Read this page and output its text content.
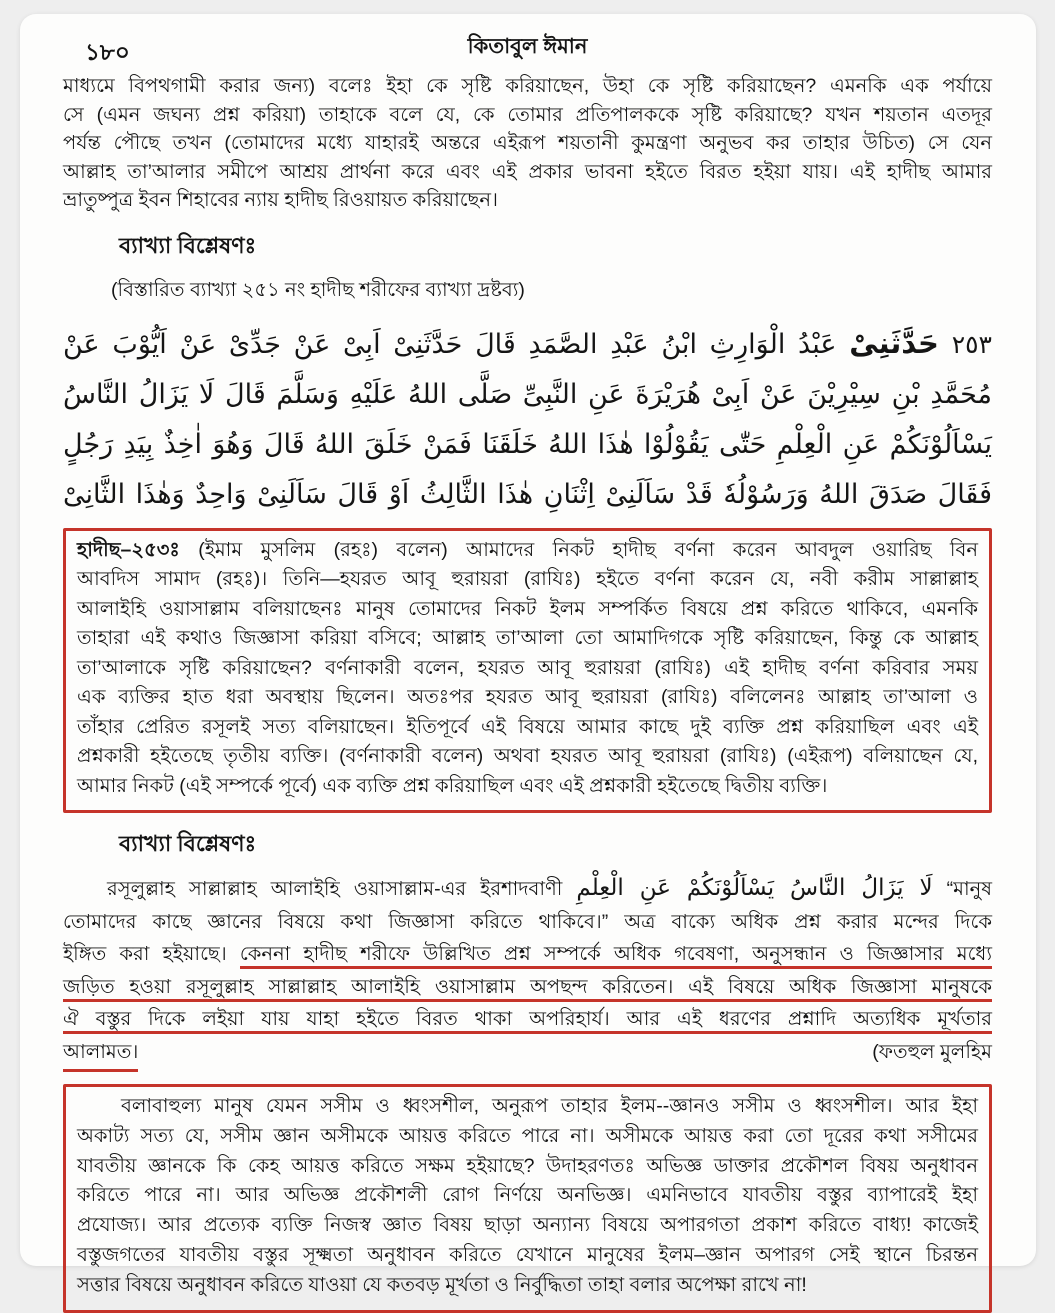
১৮০	কিতাবুল ঈমান
মাধ্যমে বিপথগামী করার জন্য) বলেঃ ইহা কে সৃষ্টি করিয়াছেন, উহা কে সৃষ্টি করিয়াছেন? এমনকি এক পর্যায়ে
সে (এমন জঘন্য প্রশ্ন করিয়া) তাহাকে বলে যে, কে তোমার প্রতিপালককে সৃষ্টি করিয়াছে? যখন শয়তান এতদূর
পর্যন্ত পৌছে তখন (তোমাদের মধ্যে যাহারই অন্তরে এইরূপ শয়তানী কুমন্ত্রণা অনুভব কর তাহার উচিত) সে যেন
আল্লাহ তা’আলার সমীপে আশ্রয় প্রার্থনা করে এবং এই প্রকার ভাবনা হইতে বিরত হইয়া যায়। এই হাদীছ আমার
ভ্রাতুষ্পুত্র ইবন শিহাবের ন্যায় হাদীছ রিওয়ায়ত করিয়াছেন।
ব্যাখ্যা বিশ্লেষণঃ
(বিস্তারিত ব্যাখ্যা ২৫১ নং হাদীছ শরীফের ব্যাখ্যা দ্রষ্টব্য)
٢٥٣ حَدَّثَنِىْ عَبْدُ الْوَارِثِ ابْنُ عَبْدِ الصَّمَدِ قَالَ حَدَّثَنِىْ اَبِىْ عَنْ جَدِّىْ عَنْ اَيُّوْبَ عَنْ
مُحَمَّدِ بْنِ سِيْرِيْنَ عَنْ اَبِىْ هُرَيْرَةَ عَنِ النَّبِىِّ صَلَّى اللهُ عَلَيْهِ وَسَلَّمَ قَالَ لَا يَزَالُ النَّاسُ
يَسْاَلُوْنَكُمْ عَنِ الْعِلْمِ حَتّٰى يَقُوْلُوْا هٰذَا اللهُ خَلَقَنَا فَمَنْ خَلَقَ اللهُ قَالَ وَهُوَ اٰخِذٌ بِيَدِ رَجُلٍ
فَقَالَ صَدَقَ اللهُ وَرَسُوْلُهٗ قَدْ سَاَلَنِىْ اِثْنَانِ هٰذَا الثَّالِثُ اَوْ قَالَ سَاَلَنِىْ وَاحِدٌ وَهٰذَا الثَّانِىْ
হাদীছ–২৫৩ঃ (ইমাম মুসলিম (রহঃ) বলেন) আমাদের নিকট হাদীছ বর্ণনা করেন আবদুল ওয়ারিছ বিন
আবদিস সামাদ (রহঃ)। তিনি—হযরত আবূ হুরায়রা (রাযিঃ) হইতে বর্ণনা করেন যে, নবী করীম সাল্লাল্লাহ
আলাইহি ওয়াসাল্লাম বলিয়াছেনঃ মানুষ তোমাদের নিকট ইলম সম্পর্কিত বিষয়ে প্রশ্ন করিতে থাকিবে, এমনকি
তাহারা এই কথাও জিজ্ঞাসা করিয়া বসিবে; আল্লাহ তা’আলা তো আমাদিগকে সৃষ্টি করিয়াছেন, কিন্তু কে আল্লাহ
তা’আলাকে সৃষ্টি করিয়াছেন? বর্ণনাকারী বলেন, হযরত আবূ হুরায়রা (রাযিঃ) এই হাদীছ বর্ণনা করিবার সময়
এক ব্যক্তির হাত ধরা অবস্থায় ছিলেন। অতঃপর হযরত আবূ হুরায়রা (রাযিঃ) বলিলেনঃ আল্লাহ তা’আলা ও
তাঁহার প্রেরিত রসূলই সত্য বলিয়াছেন। ইতিপূর্বে এই বিষয়ে আমার কাছে দুই ব্যক্তি প্রশ্ন করিয়াছিল এবং এই
প্রশ্নকারী হইতেছে তৃতীয় ব্যক্তি। (বর্ণনাকারী বলেন) অথবা হযরত আবূ হুরায়রা (রাযিঃ) (এইরূপ) বলিয়াছেন যে,
আমার নিকট (এই সম্পর্কে পূর্বে) এক ব্যক্তি প্রশ্ন করিয়াছিল এবং এই প্রশ্নকারী হইতেছে দ্বিতীয় ব্যক্তি।
ব্যাখ্যা বিশ্লেষণঃ
রসূলুল্লাহ সাল্লাল্লাহ আলাইহি ওয়াসাল্লাম-এর ইরশাদবাণী لَا يَزَالُ النَّاسُ يَسْاَلُوْنَكُمْ عَنِ الْعِلْمِ “মানুষ
তোমাদের কাছে জ্ঞানের বিষয়ে কথা জিজ্ঞাসা করিতে থাকিবে।” অত্র বাক্যে অধিক প্রশ্ন করার মন্দের দিকে
ইঙ্গিত করা হইয়াছে। কেননা হাদীছ শরীফে উল্লিখিত প্রশ্ন সম্পর্কে অধিক গবেষণা, অনুসন্ধান ও জিজ্ঞাসার মধ্যে
জড়িত হওয়া রসূলুল্লাহ সাল্লাল্লাহ আলাইহি ওয়াসাল্লাম অপছন্দ করিতেন। এই বিষয়ে অধিক জিজ্ঞাসা মানুষকে
ঐ বস্তুর দিকে লইয়া যায় যাহা হইতে বিরত থাকা অপরিহার্য। আর এই ধরণের প্রশ্নাদি অত্যধিক মূর্খতার
আলামত।	(ফতহুল মুলহিম
বলাবাহুল্য মানুষ যেমন সসীম ও ধ্বংসশীল, অনুরূপ তাহার ইলম--জ্ঞানও সসীম ও ধ্বংসশীল। আর ইহা
অকাট্য সত্য যে, সসীম জ্ঞান অসীমকে আয়ত্ত করিতে পারে না। অসীমকে আয়ত্ত করা তো দূরের কথা সসীমের
যাবতীয় জ্ঞানকে কি কেহ আয়ত্ত করিতে সক্ষম হইয়াছে? উদাহরণতঃ অভিজ্ঞ ডাক্তার প্রকৌশল বিষয় অনুধাবন
করিতে পারে না। আর অভিজ্ঞ প্রকৌশলী রোগ নির্ণয়ে অনভিজ্ঞ। এমনিভাবে যাবতীয় বস্তুর ব্যাপারেই ইহা
প্রযোজ্য। আর প্রত্যেক ব্যক্তি নিজস্ব জ্ঞাত বিষয় ছাড়া অন্যান্য বিষয়ে অপারগতা প্রকাশ করিতে বাধ্য! কাজেই
বস্তুজগতের যাবতীয় বস্তুর সূক্ষ্মতা অনুধাবন করিতে যেখানে মানুষের ইলম–জ্ঞান অপারগ সেই স্থানে চিরন্তন
সত্তার বিষয়ে অনুধাবন করিতে যাওয়া যে কতবড় মূর্খতা ও নির্বুদ্ধিতা তাহা বলার অপেক্ষা রাখে না!
